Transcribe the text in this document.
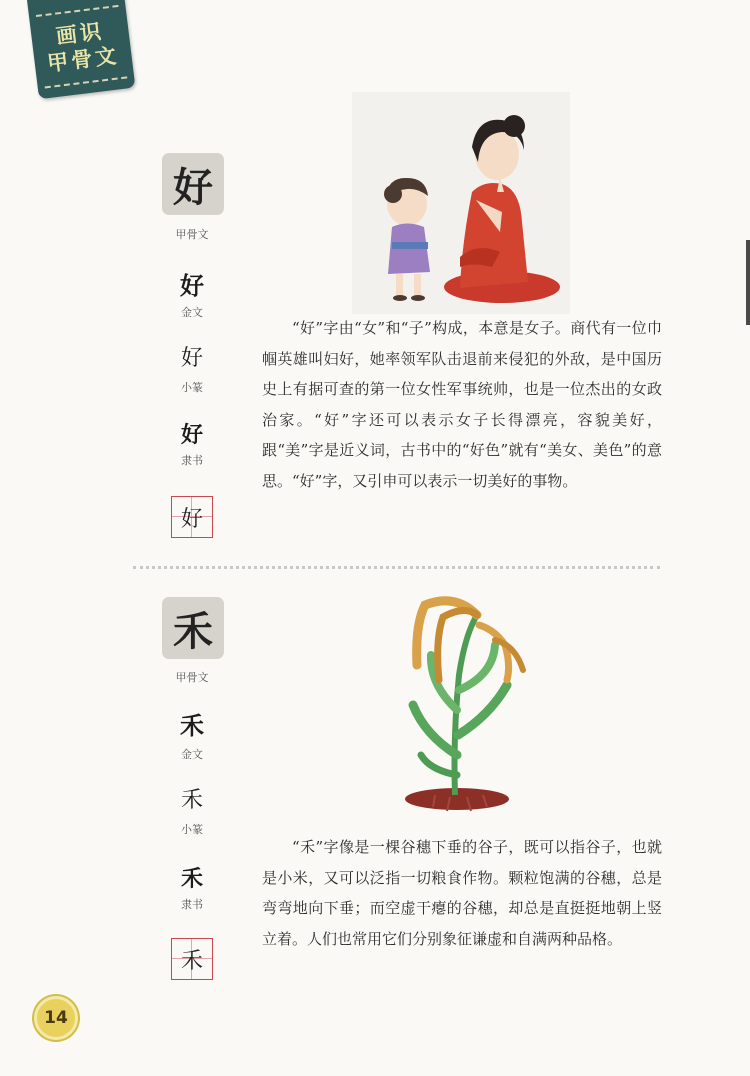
画识
甲骨文
好
甲骨文
好
金文
好
小篆
好
隶书
好

“好”字由“女”和“子”构成，本意是女子。商代有一位巾帼英雄叫妇好，她率领军队击退前来侵犯的外敌，是中国历史上有据可查的第一位女性军事统帅，也是一位杰出的女政治家。“好”字还可以表示女子长得漂亮，容貌美好，跟“美”字是近义词，古书中的“好色”就有“美女、美色”的意思。“好”字，又引申可以表示一切美好的事物。

禾
甲骨文
禾
金文
禾
小篆
禾
隶书
禾

“禾”字像是一棵谷穗下垂的谷子，既可以指谷子，也就是小米，又可以泛指一切粮食作物。颗粒饱满的谷穗，总是弯弯地向下垂；而空虚干瘪的谷穗，却总是直挺挺地朝上竖立着。人们也常用它们分别象征谦虚和自满两种品格。

14
